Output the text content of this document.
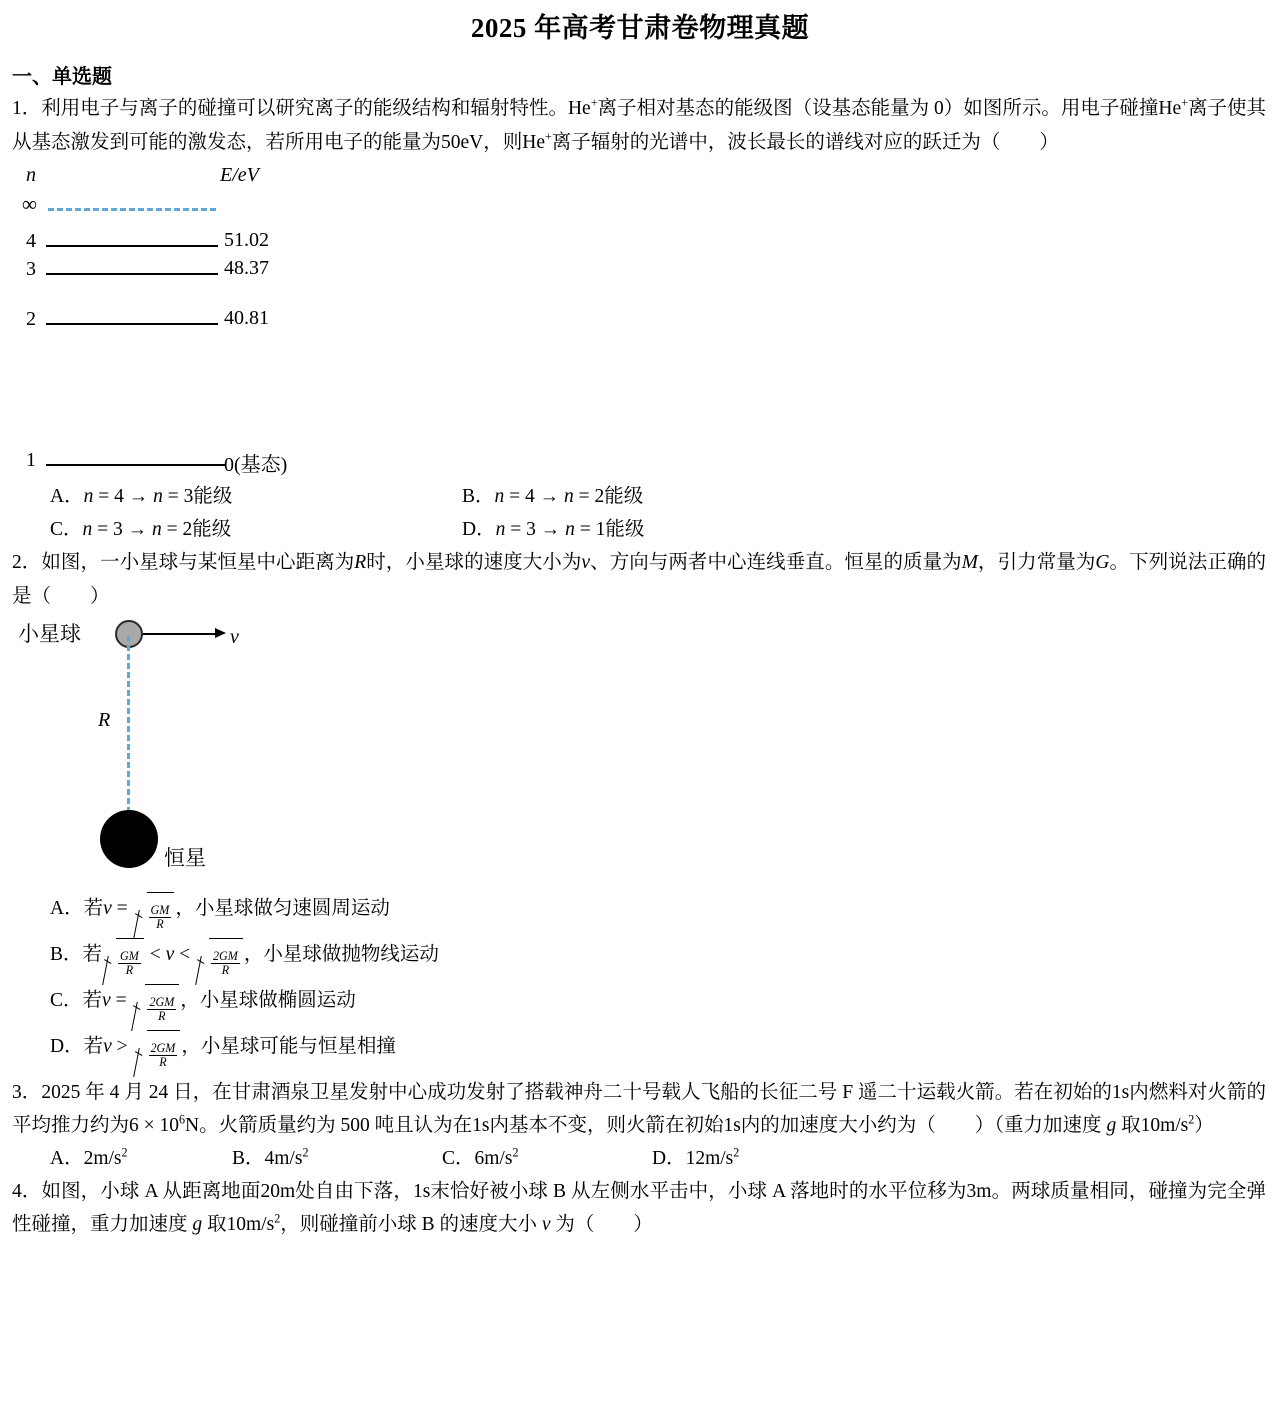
2025 年高考甘肃卷物理真题
一、单选题
1．利用电子与离子的碰撞可以研究离子的能级结构和辐射特性。He+离子相对基态的能级图（设基态能量为 0）如图所示。用电子碰撞He+离子使其从基态激发到可能的激发态，若所用电子的能量为50eV，则He+离子辐射的光谱中，波长最长的谱线对应的跃迁为（　　）
n	E/eV
∞
4	51.02
3	48.37
2	40.81
1	0(基态)
A．n = 4 → n = 3能级	B．n = 4 → n = 2能级
C．n = 3 → n = 2能级	D．n = 3 → n = 1能级
2．如图，一小星球与某恒星中心距离为R时，小星球的速度大小为v、方向与两者中心连线垂直。恒星的质量为M，引力常量为G。下列说法正确的是（　　）
小星球	v
R
恒星
A．若$v = \frac{GM}{R}$ ，小星球做匀速圆周运动
B．若 $\frac{GM}{R} < v < \frac{2GM}{R}$ ，小星球做抛物线运动
C．若$v = \frac{2GM}{R}$ ，小星球做椭圆运动
D．若$v > \frac{2GM}{R}$ ，小星球可能与恒星相撞
3．2025 年 4 月 24 日，在甘肃酒泉卫星发射中心成功发射了搭载神舟二十号载人飞船的长征二号 F 遥二十运载火箭。若在初始的1s内燃料对火箭的平均推力约为$6 \times 10^6N$。火箭质量约为 500 吨且认为在1s内基本不变，则火箭在初始1s内的加速度大小约为（　　）（重力加速度 g 取$10m/s^2$）
A．$2m/s^2$	B．$4m/s^2$	C．$6m/s^2$	D．$12m/s^2$
4．如图，小球 A 从距离地面20m处自由下落，1s末恰好被小球 B 从左侧水平击中，小球 A 落地时的水平位移为3m。两球质量相同，碰撞为完全弹性碰撞，重力加速度 g 取$10m/s^2$，则碰撞前小球 B 的速度大小 v 为（　　）
